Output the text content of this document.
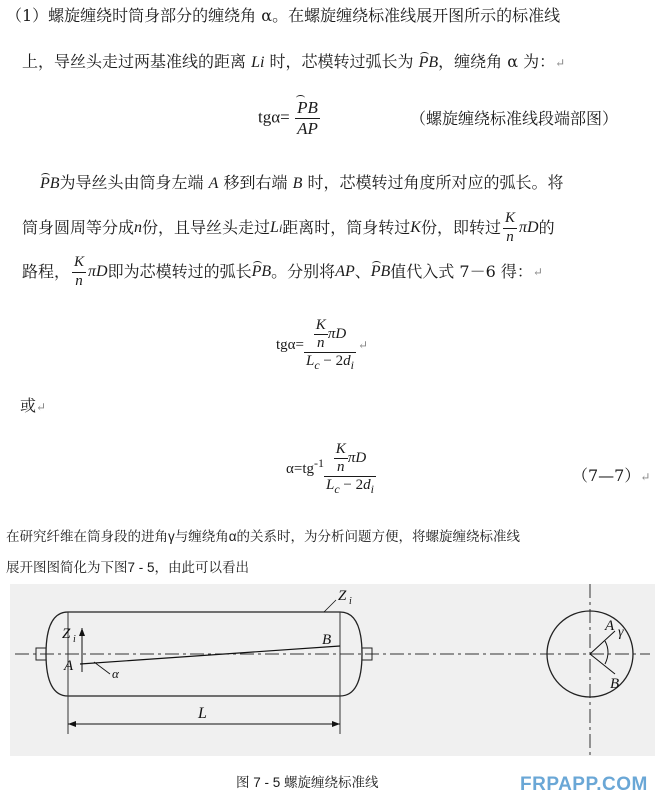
（1）螺旋缠绕时筒身部分的缠绕角 α。在螺旋缠绕标准线展开图所示的标准线
上，导丝头走过两基准线的距离 Li 时，芯模转过弧长为 PB，缠绕角 α 为：↵
$tg\alpha= \frac{PB}{AP}$	（螺旋缠绕标准线段端部图）
PB为导丝头由筒身左端 A 移到右端 B 时，芯模转过角度所对应的弧长。将
筒身圆周等分成 n 份，且导丝头走过 L i 距离时，筒身转过 K 份，即转过 $\frac{K}{n}$ πD 的
路程， $\frac{K}{n}$ πD 即为芯模转过的弧长 PB 。分别将 AP 、 PB 值代入式 7－6 得： ↵
$tg\alpha= \frac{\frac{K}{n} \pi D}{L_c - 2d_i}$ ↵
或↵
$\alpha=tg^{-1} \frac{\frac{K}{n} \pi D}{L_c - 2d_i}$	（7—7）↵
在研究纤维在筒身段的进角γ与缠绕角α的关系时，为分析问题方便，将螺旋缠绕标准线
展开图图简化为下图7 - 5，由此可以看出
Z i
A	α
Z i
B
L
A γ
B
图 7 - 5 螺旋缠绕标准线	FRPAPP.COM
